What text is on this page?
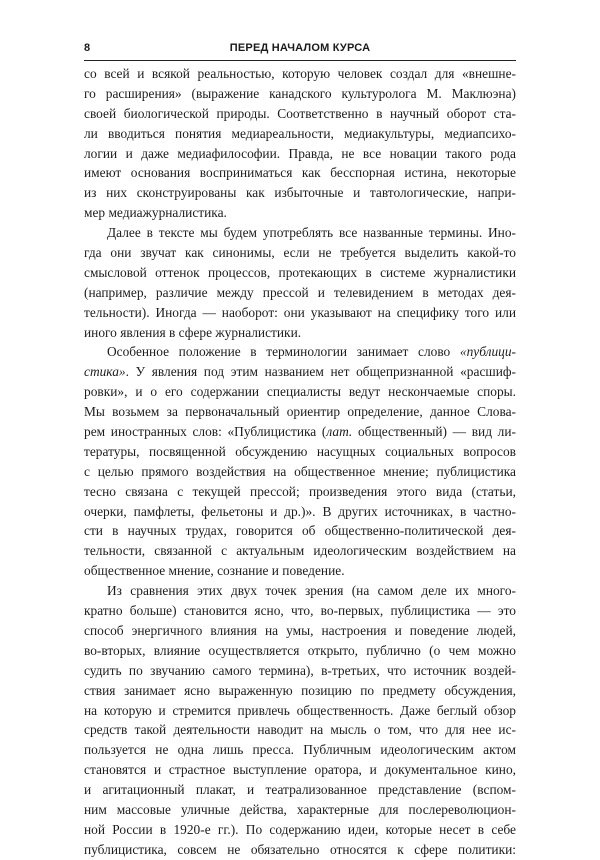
8	ПЕРЕД НАЧАЛОМ КУРСА

со всей и всякой реальностью, которую человек создал для «внешне-
го расширения» (выражение канадского культуролога М. Маклюэна)
своей биологической природы. Соответственно в научный оборот ста-
ли вводиться понятия медиареальности, медиакультуры, медиапсихо-
логии и даже медиафилософии. Правда, не все новации такого рода
имеют основания восприниматься как бесспорная истина, некоторые
из них сконструированы как избыточные и тавтологические, напри-
мер медиажурналистика.

Далее в тексте мы будем употреблять все названные термины. Ино-
гда они звучат как синонимы, если не требуется выделить какой-то
смысловой оттенок процессов, протекающих в системе журналистики
(например, различие между прессой и телевидением в методах дея-
тельности). Иногда — наоборот: они указывают на специфику того или
иного явления в сфере журналистики.

Особенное положение в терминологии занимает слово «публици-
стика». У явления под этим названием нет общепризнанной «расшиф-
ровки», и о его содержании специалисты ведут нескончаемые споры.
Мы возьмем за первоначальный ориентир определение, данное Слова-
рем иностранных слов: «Публицистика (лат. общественный) — вид ли-
тературы, посвященной обсуждению насущных социальных вопросов
с целью прямого воздействия на общественное мнение; публицистика
тесно связана с текущей прессой; произведения этого вида (статьи,
очерки, памфлеты, фельетоны и др.)». В других источниках, в частно-
сти в научных трудах, говорится об общественно-политической дея-
тельности, связанной с актуальным идеологическим воздействием на
общественное мнение, сознание и поведение.

Из сравнения этих двух точек зрения (на самом деле их много-
кратно больше) становится ясно, что, во-первых, публицистика — это
способ энергичного влияния на умы, настроения и поведение людей,
во-вторых, влияние осуществляется открыто, публично (о чем можно
судить по звучанию самого термина), в-третьих, что источник воздей-
ствия занимает ясно выраженную позицию по предмету обсуждения,
на которую и стремится привлечь общественность. Даже беглый обзор
средств такой деятельности наводит на мысль о том, что для нее ис-
пользуется не одна лишь пресса. Публичным идеологическим актом
становятся и страстное выступление оратора, и документальное кино,
и агитационный плакат, и театрализованное представление (вспом-
ним массовые уличные действа, характерные для послереволюцион-
ной России в 1920-е гг.). По содержанию идеи, которые несет в себе
публицистика, совсем не обязательно относятся к сфере политики:
